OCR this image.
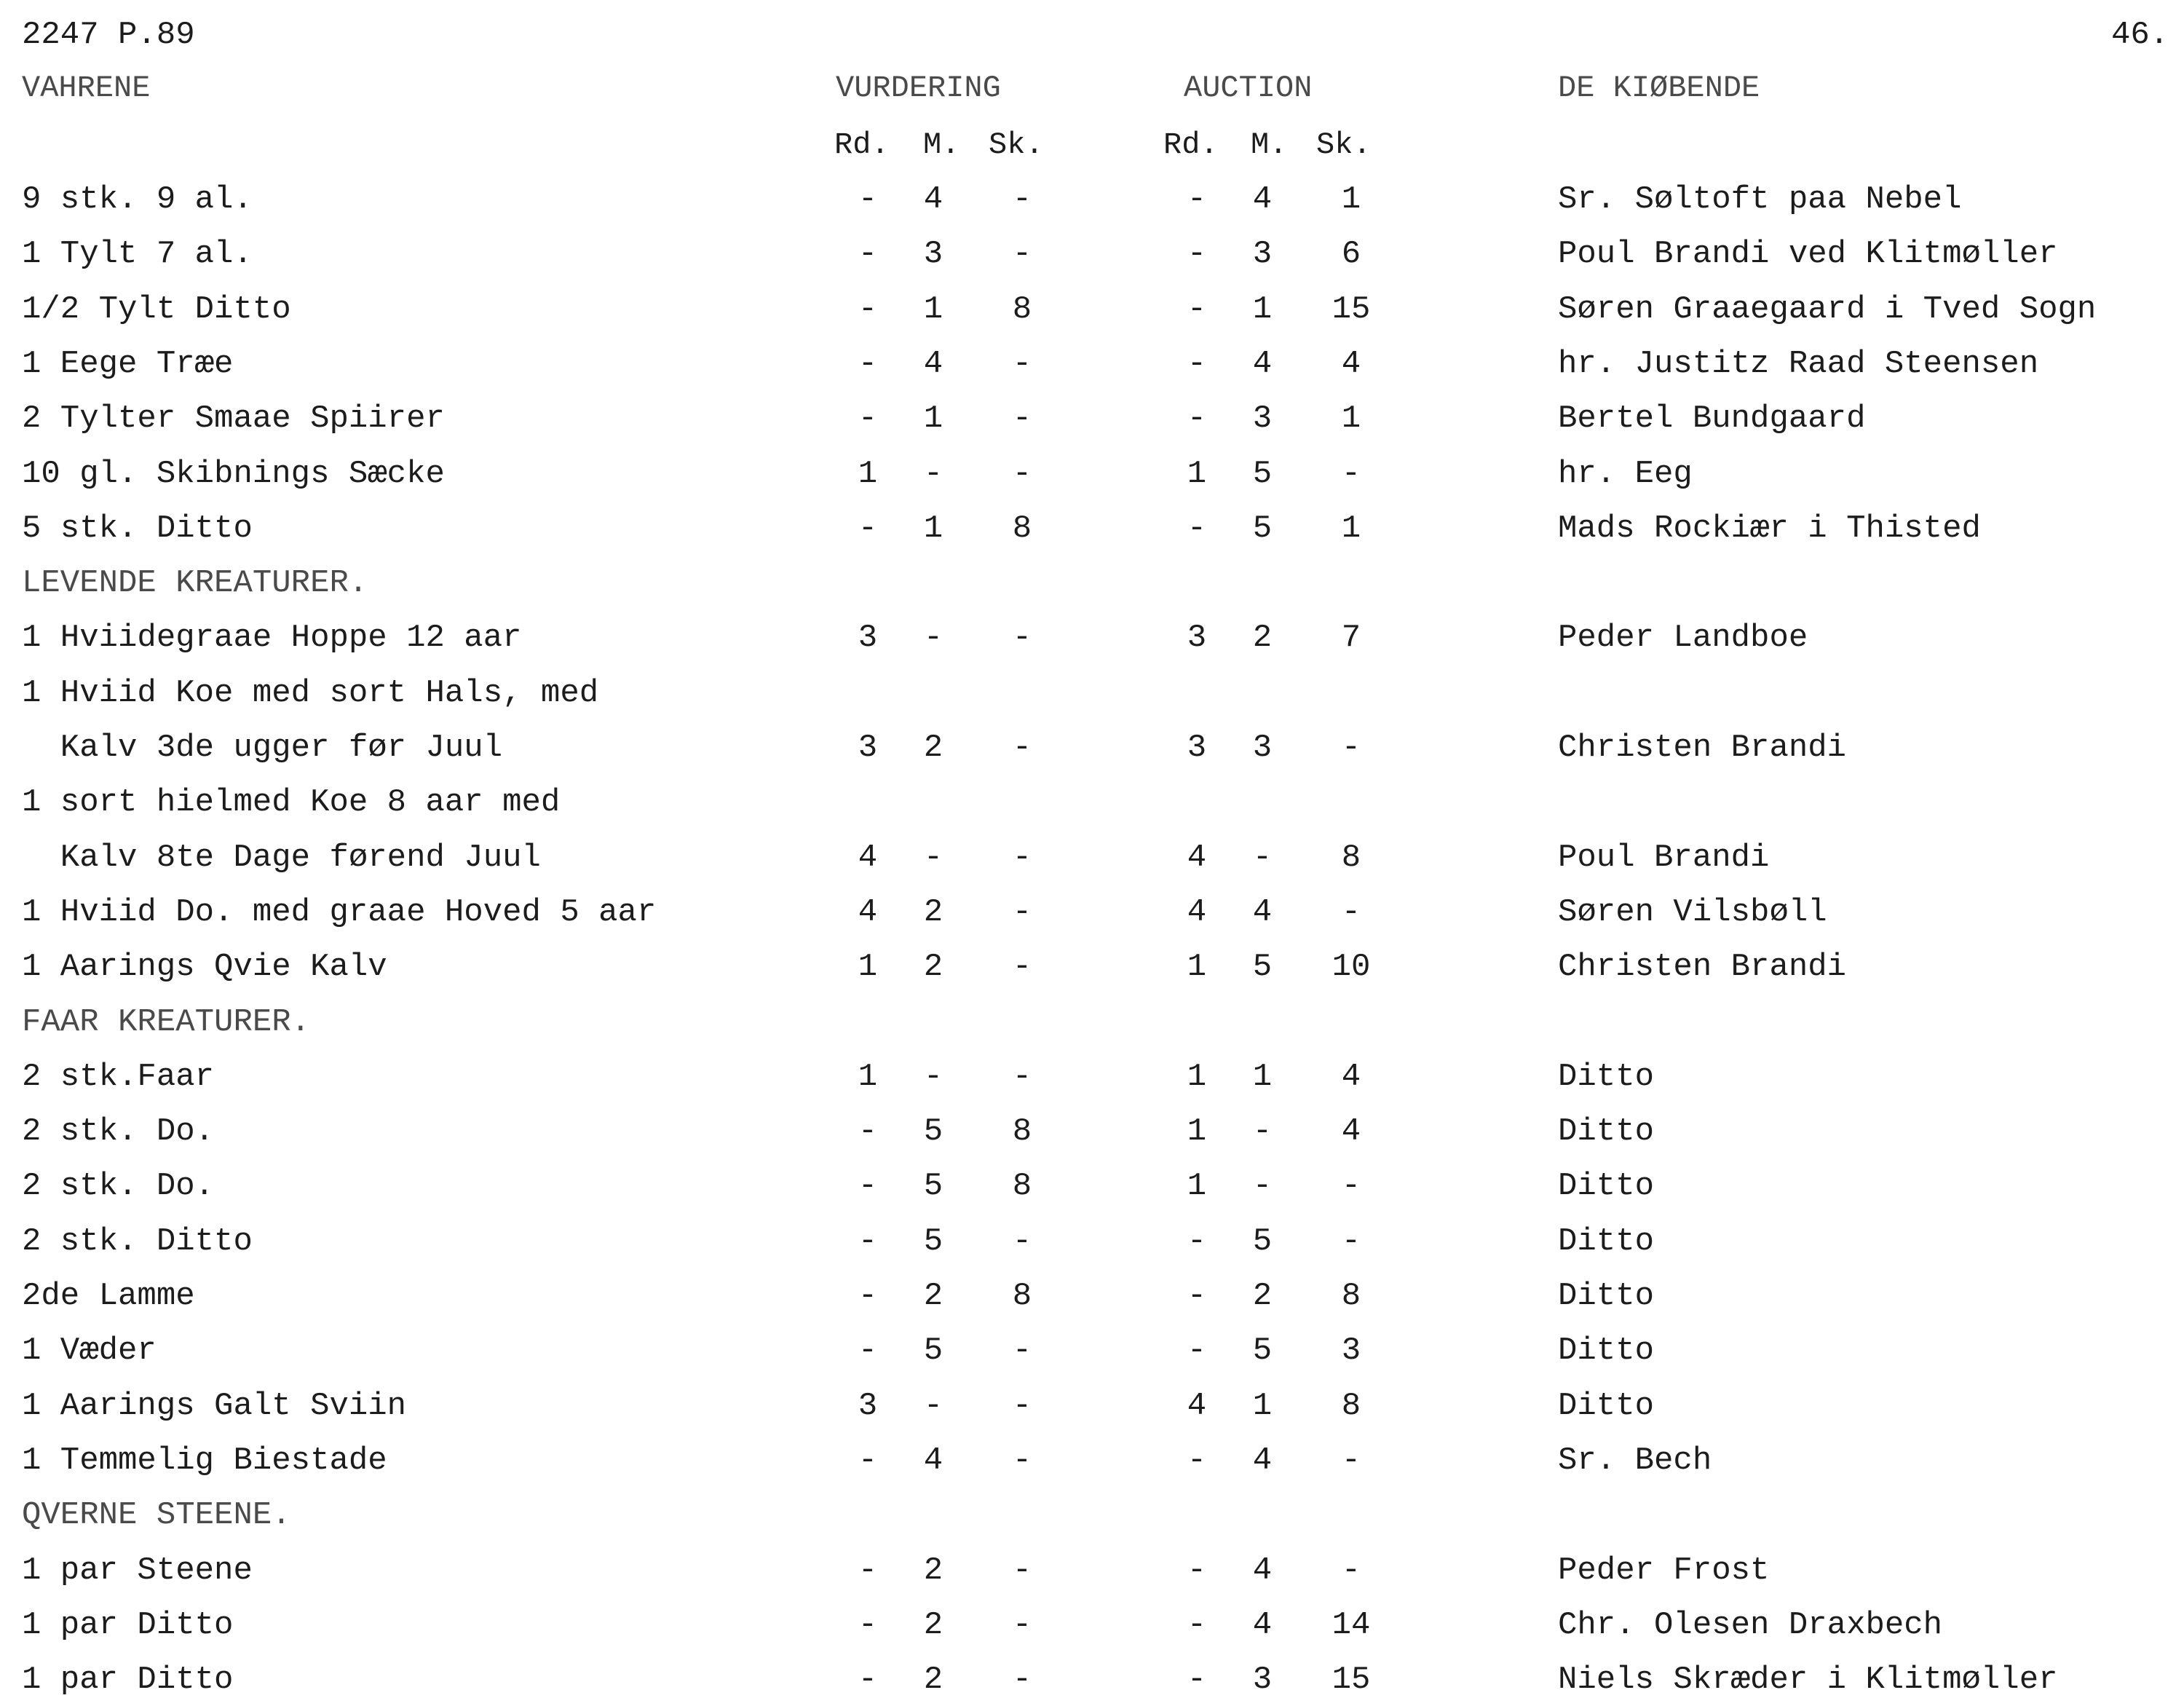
2247 P.89	46.
VAHRENE	VURDERING	AUCTION	DE KIØBENDE
Rd. M. Sk.	Rd. M. Sk.
9 stk. 9 al.	-	4	-	-	4	1	Sr. Søltoft paa Nebel
1 Tylt 7 al.	-	3	-	-	3	6	Poul Brandi ved Klitmøller
1/2 Tylt Ditto	-	1	8	-	1	15	Søren Graaegaard i Tved Sogn
1 Eege Træe	-	4	-	-	4	4	hr. Justitz Raad Steensen
2 Tylter Smaae Spiirer	-	1	-	-	3	1	Bertel Bundgaard
10 gl. Skibnings Sæcke	1	-	-	1	5	-	hr. Eeg
5 stk. Ditto	-	1	8	-	5	1	Mads Rockiær i Thisted
LEVENDE KREATURER.
1 Hviidegraae Hoppe 12 aar	3	-	-	3	2	7	Peder Landboe
1 Hviid Koe med sort Hals, med
Kalv 3de ugger før Juul	3	2	-	3	3	-	Christen Brandi
1 sort hielmed Koe 8 aar med
Kalv 8te Dage førend Juul	4	-	-	4	-	8	Poul Brandi
1 Hviid Do. med graae Hoved 5 aar	4	2	-	4	4	-	Søren Vilsbøll
1 Aarings Qvie Kalv	1	2	-	1	5	10	Christen Brandi
FAAR KREATURER.
2 stk.Faar	1	-	-	1	1	4	Ditto
2 stk. Do.	-	5	8	1	-	4	Ditto
2 stk. Do.	-	5	8	1	-	-	Ditto
2 stk. Ditto	-	5	-	-	5	-	Ditto
2de Lamme	-	2	8	-	2	8	Ditto
1 Væder	-	5	-	-	5	3	Ditto
1 Aarings Galt Sviin	3	-	-	4	1	8	Ditto
1 Temmelig Biestade	-	4	-	-	4	-	Sr. Bech
QVERNE STEENE.
1 par Steene	-	2	-	-	4	-	Peder Frost
1 par Ditto	-	2	-	-	4	14	Chr. Olesen Draxbech
1 par Ditto	-	2	-	-	3	15	Niels Skræder i Klitmøller
